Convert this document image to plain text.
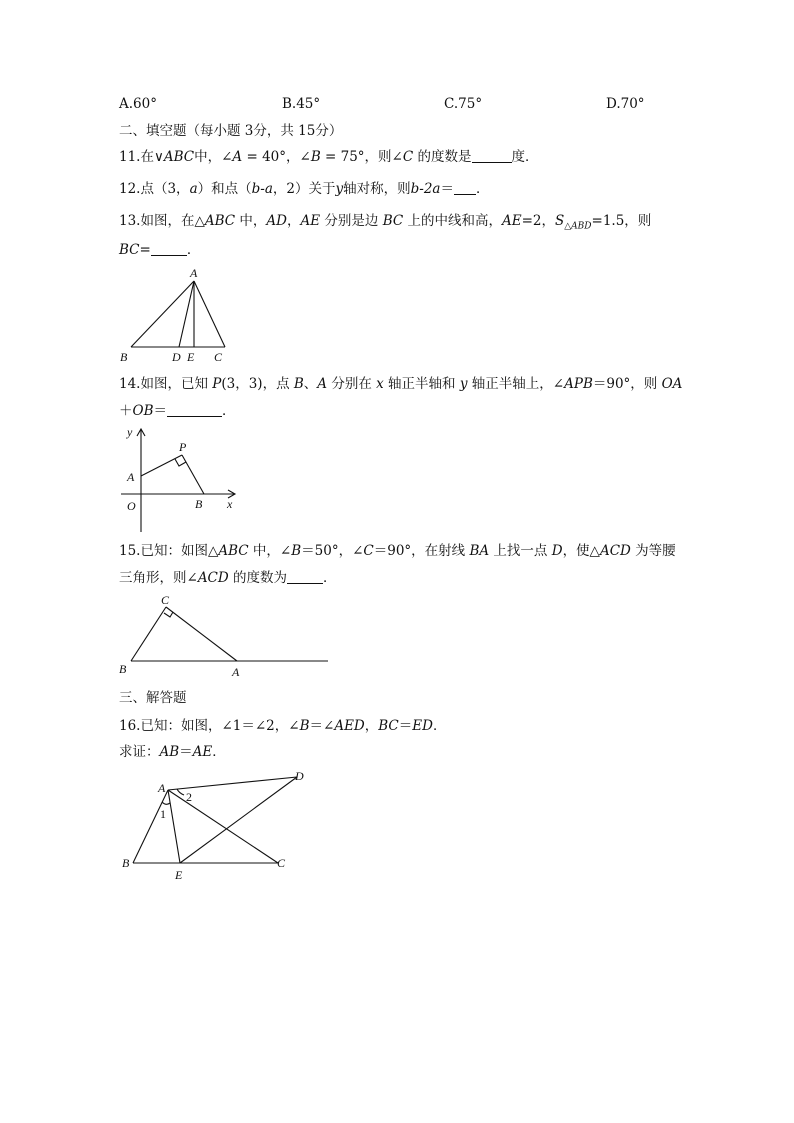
A.60°	B.45°	C.75°	D.70°
二、填空题（每小题 3分，共 15分）
11.在∨ABC中，∠A = 40°，∠B = 75°，则∠C 的度数是	度．
12.点（3，a）和点（b-a，2）关于y轴对称，则b-2a＝ ．
13.如图，在△ABC 中，AD，AE 分别是边 BC 上的中线和高，AE=2，$S_{\triangle ABD}=1.5$，则
BC=	．
A
B	D E C
14.如图，已知 P(3，3)，点 B、A 分别在 x 轴正半轴和 y 轴正半轴上，∠APB＝90°，则 OA
＋OB＝	．
y
P
A
O	B x
15.已知：如图△ABC 中，∠B＝50°，∠C＝90°，在射线 BA 上找一点 D，使△ACD 为等腰
三角形，则∠ACD 的度数为	．
C
B	A
三、解答题
16.已知：如图，∠1＝∠2，∠B＝∠AED，BC＝ED．
求证：AB＝AE．
A
D
2
1
B
E
C
